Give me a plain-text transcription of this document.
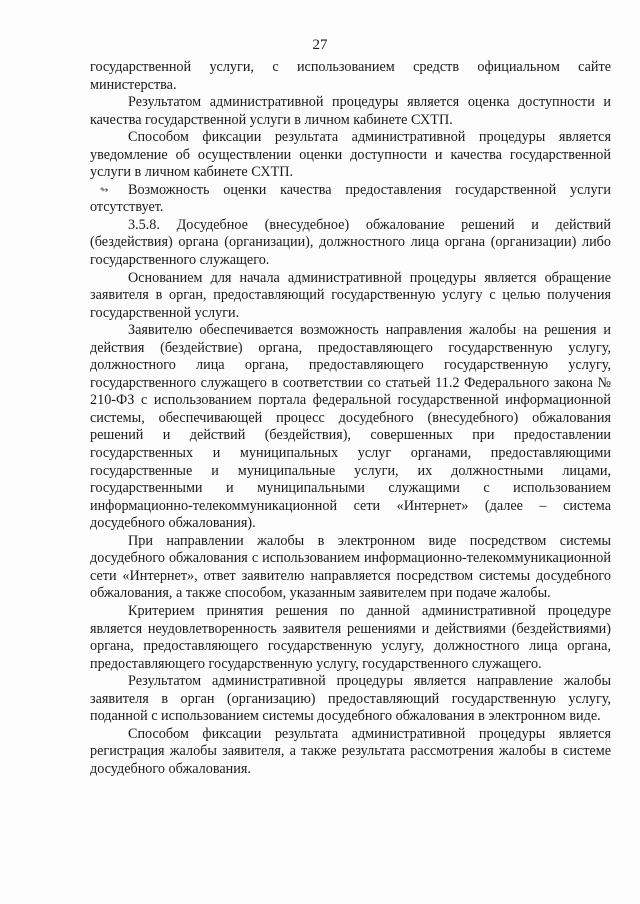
27
↬

государственной услуги, с использованием средств официальном сайте министерства.

Результатом административной процедуры является оценка доступности и качества государственной услуги в личном кабинете СХТП.

Способом фиксации результата административной процедуры является уведомление об осуществлении оценки доступности и качества государственной услуги в личном кабинете СХТП.

Возможность оценки качества предоставления государственной услуги отсутствует.

3.5.8. Досудебное (внесудебное) обжалование решений и действий (бездействия) органа (организации), должностного лица органа (организации) либо государственного служащего.

Основанием для начала административной процедуры является обращение заявителя в орган, предоставляющий государственную услугу с целью получения государственной услуги.

Заявителю обеспечивается возможность направления жалобы на решения и действия (бездействие) органа, предоставляющего государственную услугу, должностного лица органа, предоставляющего государственную услугу, государственного служащего в соответствии со статьей 11.2 Федерального закона № 210-ФЗ с использованием портала федеральной государственной информационной системы, обеспечивающей процесс досудебного (внесудебного) обжалования решений и действий (бездействия), совершенных при предоставлении государственных и муниципальных услуг органами, предоставляющими государственные и муниципальные услуги, их должностными лицами, государственными и муниципальными служащими с использованием информационно-телекоммуникационной сети «Интернет» (далее – система досудебного обжалования).

При направлении жалобы в электронном виде посредством системы досудебного обжалования с использованием информационно-телекоммуникационной сети «Интернет», ответ заявителю направляется посредством системы досудебного обжалования, а также способом, указанным заявителем при подаче жалобы.

Критерием принятия решения по данной административной процедуре является неудовлетворенность заявителя решениями и действиями (бездействиями) органа, предоставляющего государственную услугу, должностного лица органа, предоставляющего государственную услугу, государственного служащего.

Результатом административной процедуры является направление жалобы заявителя в орган (организацию) предоставляющий государственную услугу, поданной с использованием системы досудебного обжалования в электронном виде.

Способом фиксации результата административной процедуры является регистрация жалобы заявителя, а также результата рассмотрения жалобы в системе досудебного обжалования.
